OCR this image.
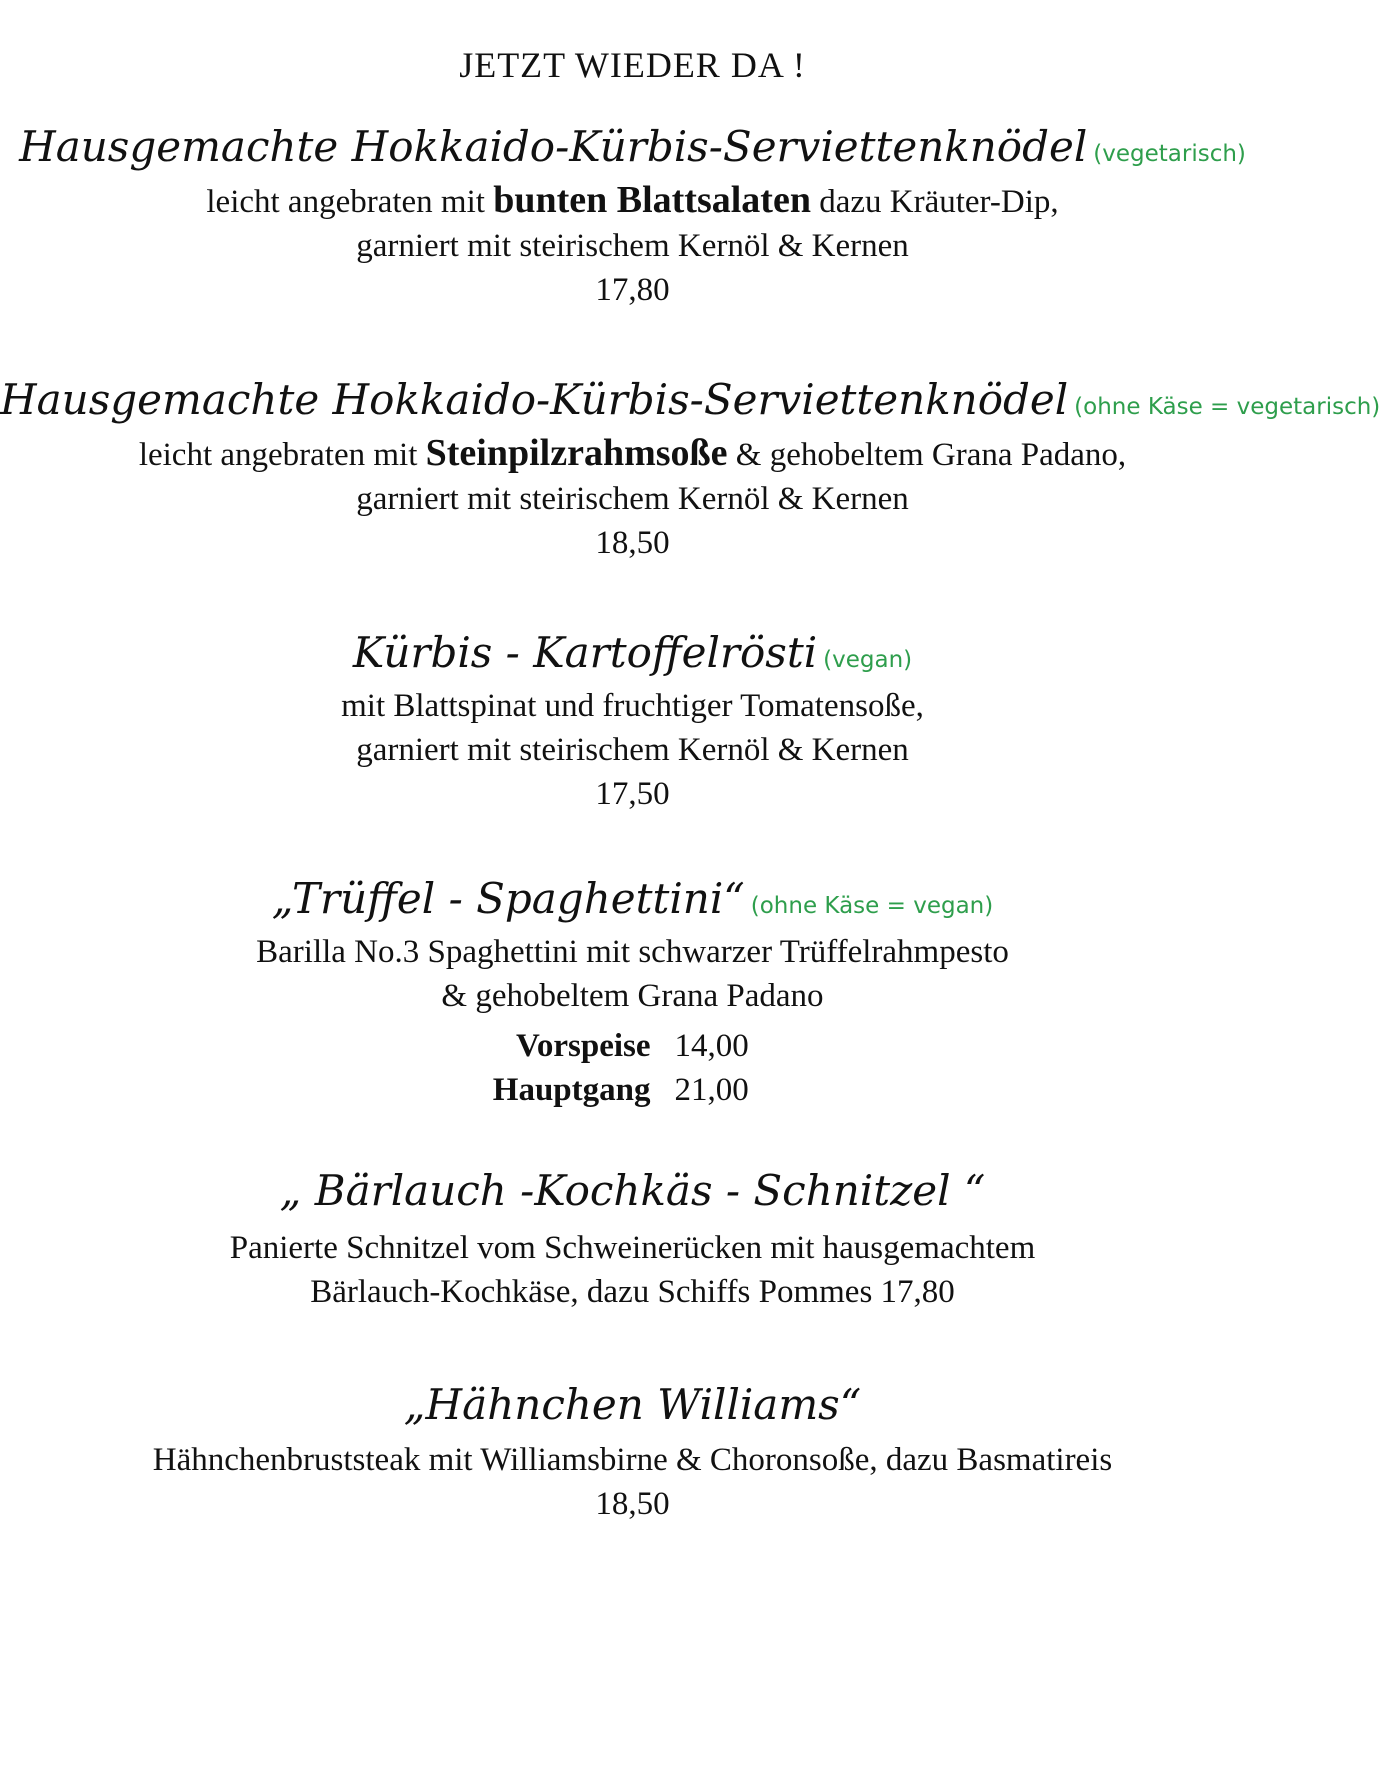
JETZT WIEDER DA !
Hausgemachte Hokkaido-Kürbis-Serviettenknödel (vegetarisch)
leicht angebraten mit bunten Blattsalaten dazu Kräuter-Dip,
garniert mit steirischem Kernöl & Kernen
17,80
Hausgemachte Hokkaido-Kürbis-Serviettenknödel (ohne Käse = vegetarisch)
leicht angebraten mit Steinpilzrahmsoße & gehobeltem Grana Padano,
garniert mit steirischem Kernöl & Kernen
18,50
Kürbis - Kartoffelrösti (vegan)
mit Blattspinat und fruchtiger Tomatensoße,
garniert mit steirischem Kernöl & Kernen
17,50
„Trüffel - Spaghettini“ (ohne Käse = vegan)
Barilla No.3 Spaghettini mit schwarzer Trüffelrahmpesto
& gehobeltem Grana Padano
Vorspeise 14,00
Hauptgang 21,00
„ Bärlauch -Kochkäs - Schnitzel “
Panierte Schnitzel vom Schweinerücken mit hausgemachtem
Bärlauch-Kochkäse, dazu Schiffs Pommes 17,80
„Hähnchen Williams“
Hähnchenbruststeak mit Williamsbirne & Choronsoße, dazu Basmatireis
18,50
